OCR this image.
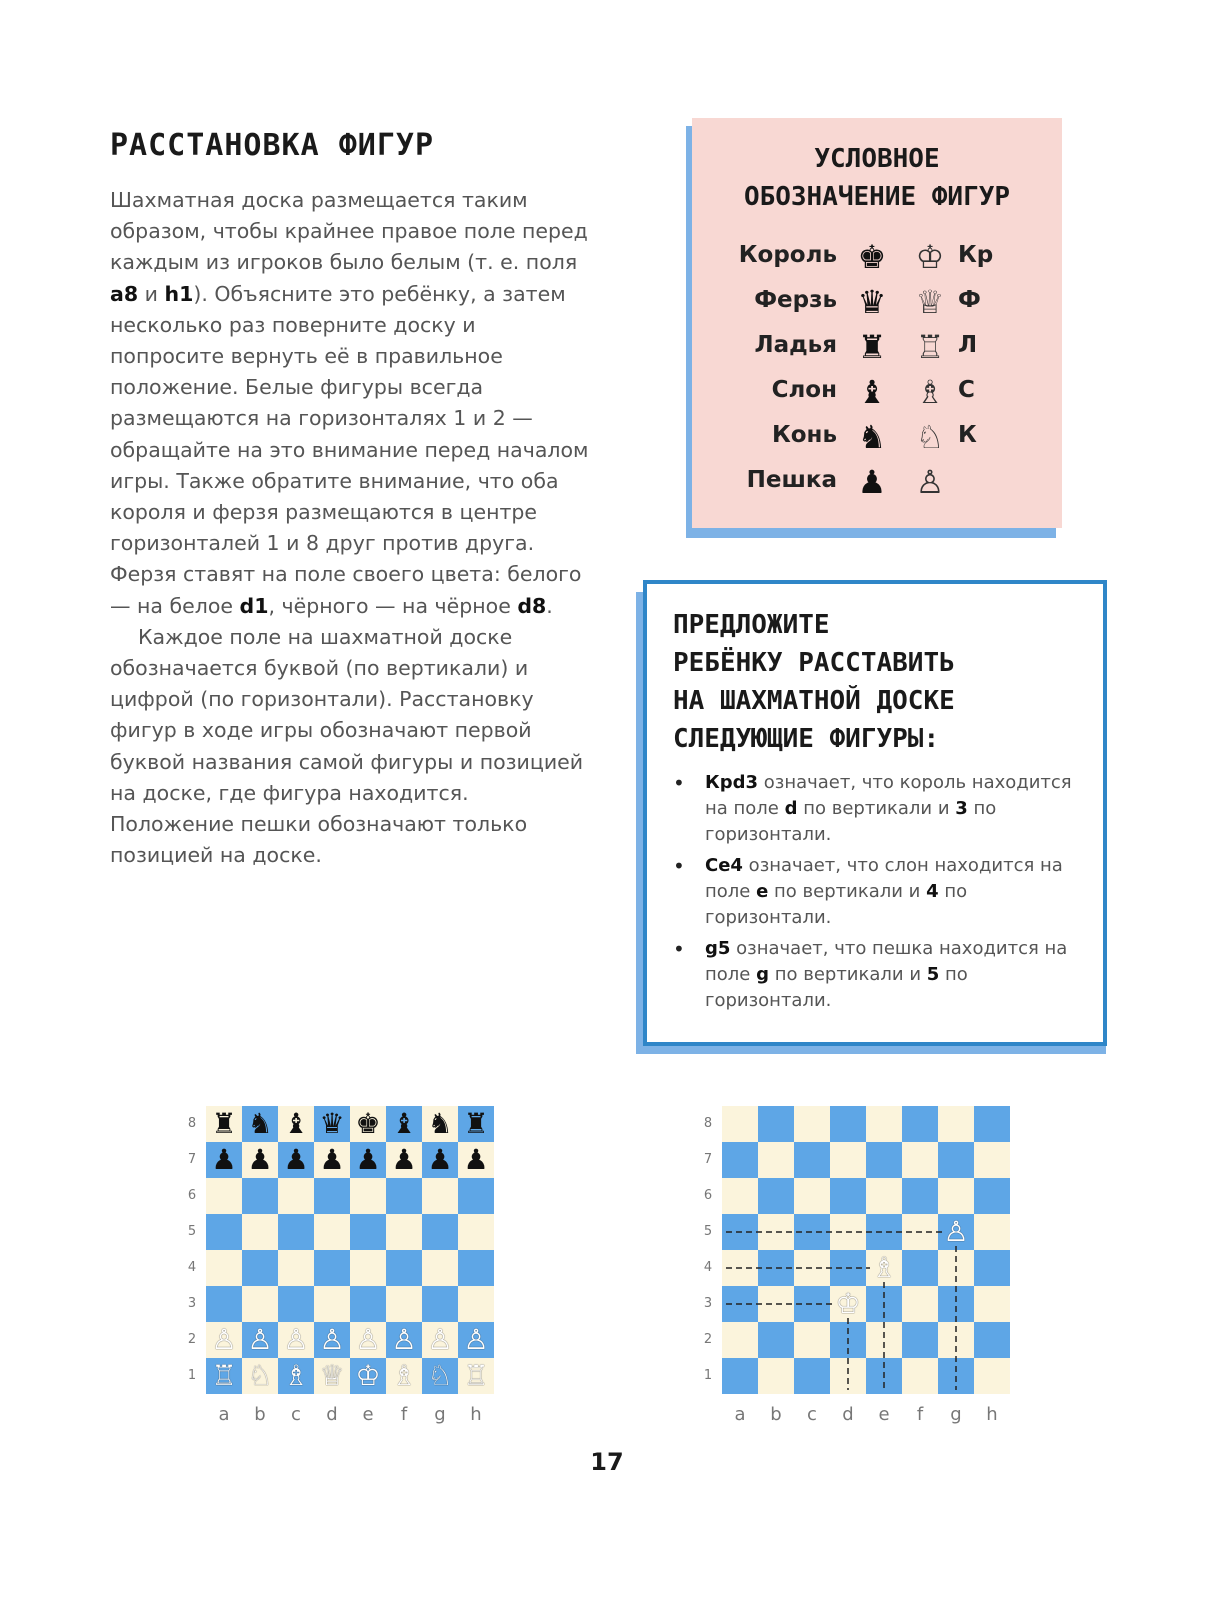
РАССТАНОВКА ФИГУР

Шахматная доска размещается таким образом, чтобы крайнее правое поле перед каждым из игроков было белым (т. е. поля a8 и h1). Объясните это ребёнку, а затем несколько раз поверните доску и попросите вернуть её в правильное положение. Белые фигуры всегда размещаются на горизонталях 1 и 2 — обращайте на это внимание перед началом игры. Также обратите внимание, что оба короля и ферзя размещаются в центре горизонталей 1 и 8 друг против друга. Ферзя ставят на поле своего цвета: белого — на белое d1, чёрного — на чёрное d8.

Каждое поле на шахматной доске обозначается буквой (по вертикали) и цифрой (по горизонтали). Расстановку фигур в ходе игры обозначают первой буквой названия самой фигуры и позицией на доске, где фигура находится. Положение пешки обозначают только позицией на доске.

УСЛОВНОЕ
ОБОЗНАЧЕНИЕ ФИГУР
Король ♚ ♔ Кр
Ферзь ♛ ♕ Ф
Ладья ♜ ♖ Л
Слон ♝ ♗ С
Конь ♞ ♘ К
Пешка ♟ ♙
ПРЕДЛОЖИТЕ
РЕБЁНКУ РАССТАВИТЬ
НА ШАХМАТНОЙ ДОСКЕ
СЛЕДУЮЩИЕ ФИГУРЫ:
• Крd3 означает, что король находится на поле d по вертикали и 3 по горизонтали.
• Сe4 означает, что слон находится на поле e по вертикали и 4 по горизонтали.
• g5 означает, что пешка находится на поле g по вертикали и 5 по горизонтали.
♜ ♞ ♝ ♛ ♚ ♝ ♞ ♜
♟ ♟ ♟ ♟ ♟ ♟ ♟ ♟
♙ ♙ ♙ ♙ ♙ ♙ ♙ ♙
♖ ♘ ♗ ♕ ♔ ♗ ♘ ♖
8
7
6
5
4
3
2
1
a	b	c	d	e	f	g	h
♙
♗
♔
8
7
6
5
4
3
2
1
a	b	c	d	e	f	g	h
17
